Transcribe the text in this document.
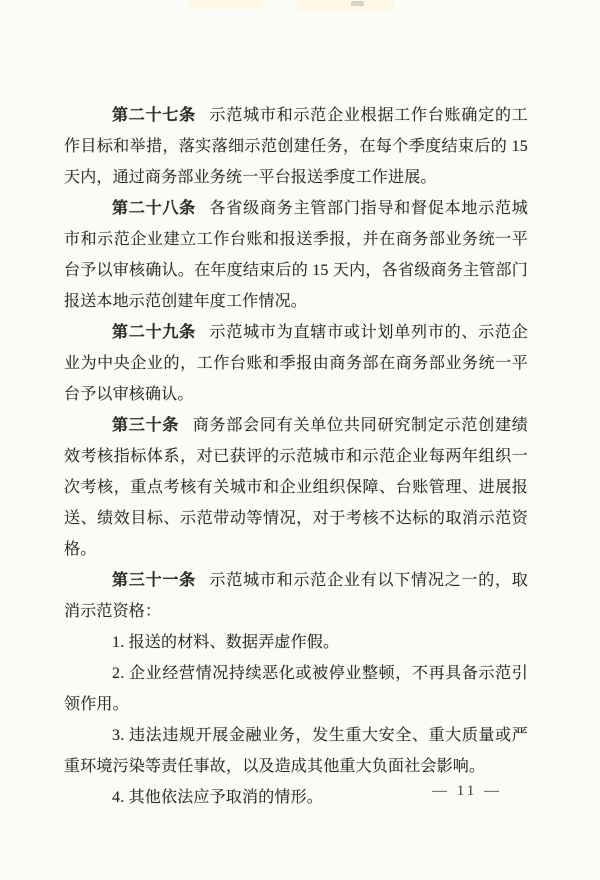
第二十七条 示范城市和示范企业根据工作台账确定的工作目标和举措，落实落细示范创建任务，在每个季度结束后的 15 天内，通过商务部业务统一平台报送季度工作进展。

第二十八条 各省级商务主管部门指导和督促本地示范城市和示范企业建立工作台账和报送季报，并在商务部业务统一平台予以审核确认。在年度结束后的 15 天内，各省级商务主管部门报送本地示范创建年度工作情况。

第二十九条 示范城市为直辖市或计划单列市的、示范企业为中央企业的，工作台账和季报由商务部在商务部业务统一平台予以审核确认。

第三十条 商务部会同有关单位共同研究制定示范创建绩效考核指标体系，对已获评的示范城市和示范企业每两年组织一次考核，重点考核有关城市和企业组织保障、台账管理、进展报送、绩效目标、示范带动等情况，对于考核不达标的取消示范资格。

第三十一条 示范城市和示范企业有以下情况之一的，取消示范资格：

1. 报送的材料、数据弄虚作假。

2. 企业经营情况持续恶化或被停业整顿，不再具备示范引领作用。

3. 违法违规开展金融业务，发生重大安全、重大质量或严重环境污染等责任事故，以及造成其他重大负面社会影响。

4. 其他依法应予取消的情形。	— 11 —
